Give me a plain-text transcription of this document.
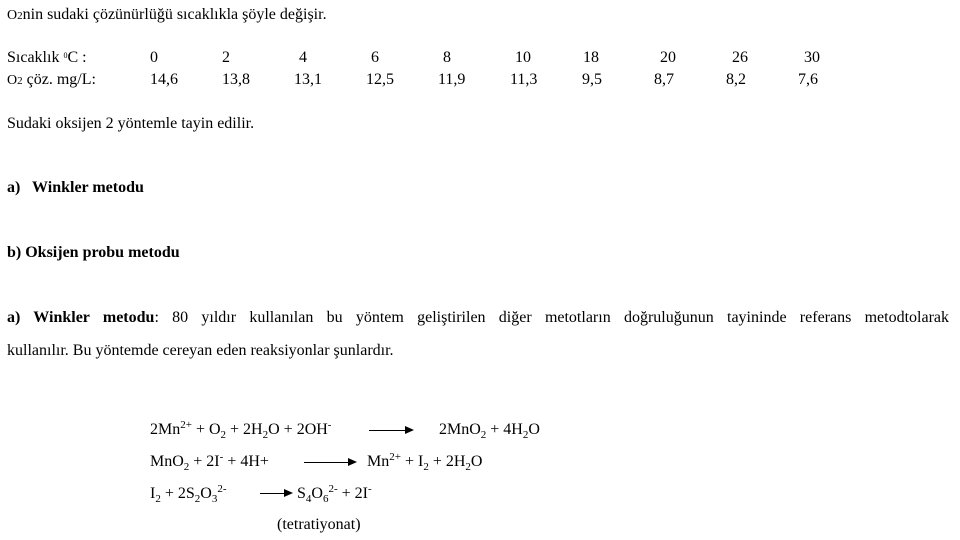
O2nin sudaki çözünürlüğü sıcaklıkla şöyle değişir.
Sıcaklık $^0$C :	0	2	4	6	8	10	18	20	26	30
O2 çöz. mg/L:	14,6	13,8	13,1	12,5	11,9	11,3	9,5	8,7	8,2	7,6
Sudaki oksijen 2 yöntemle tayin edilir.
a)   Winkler metodu
b) Oksijen probu metodu
a) Winkler metodu: 80 yıldır kullanılan bu yöntem geliştirilen diğer metotların doğruluğunun tayininde referans metodtolarak
kullanılır. Bu yöntemde cereyan eden reaksiyonlar şunlardır.
$2Mn^{2+} + O_2 + 2H_2O + 2OH^-$	$2MnO_2 + 4H_2O$
$MnO_2 + 2I^- + 4H+ \to Mn^{2+} + I_2 + 2H_2O$
$I_2 + 2S_2O_3^{2-} \to S_4O_6^{2-} + 2I^-$
(tetratiyonat)
